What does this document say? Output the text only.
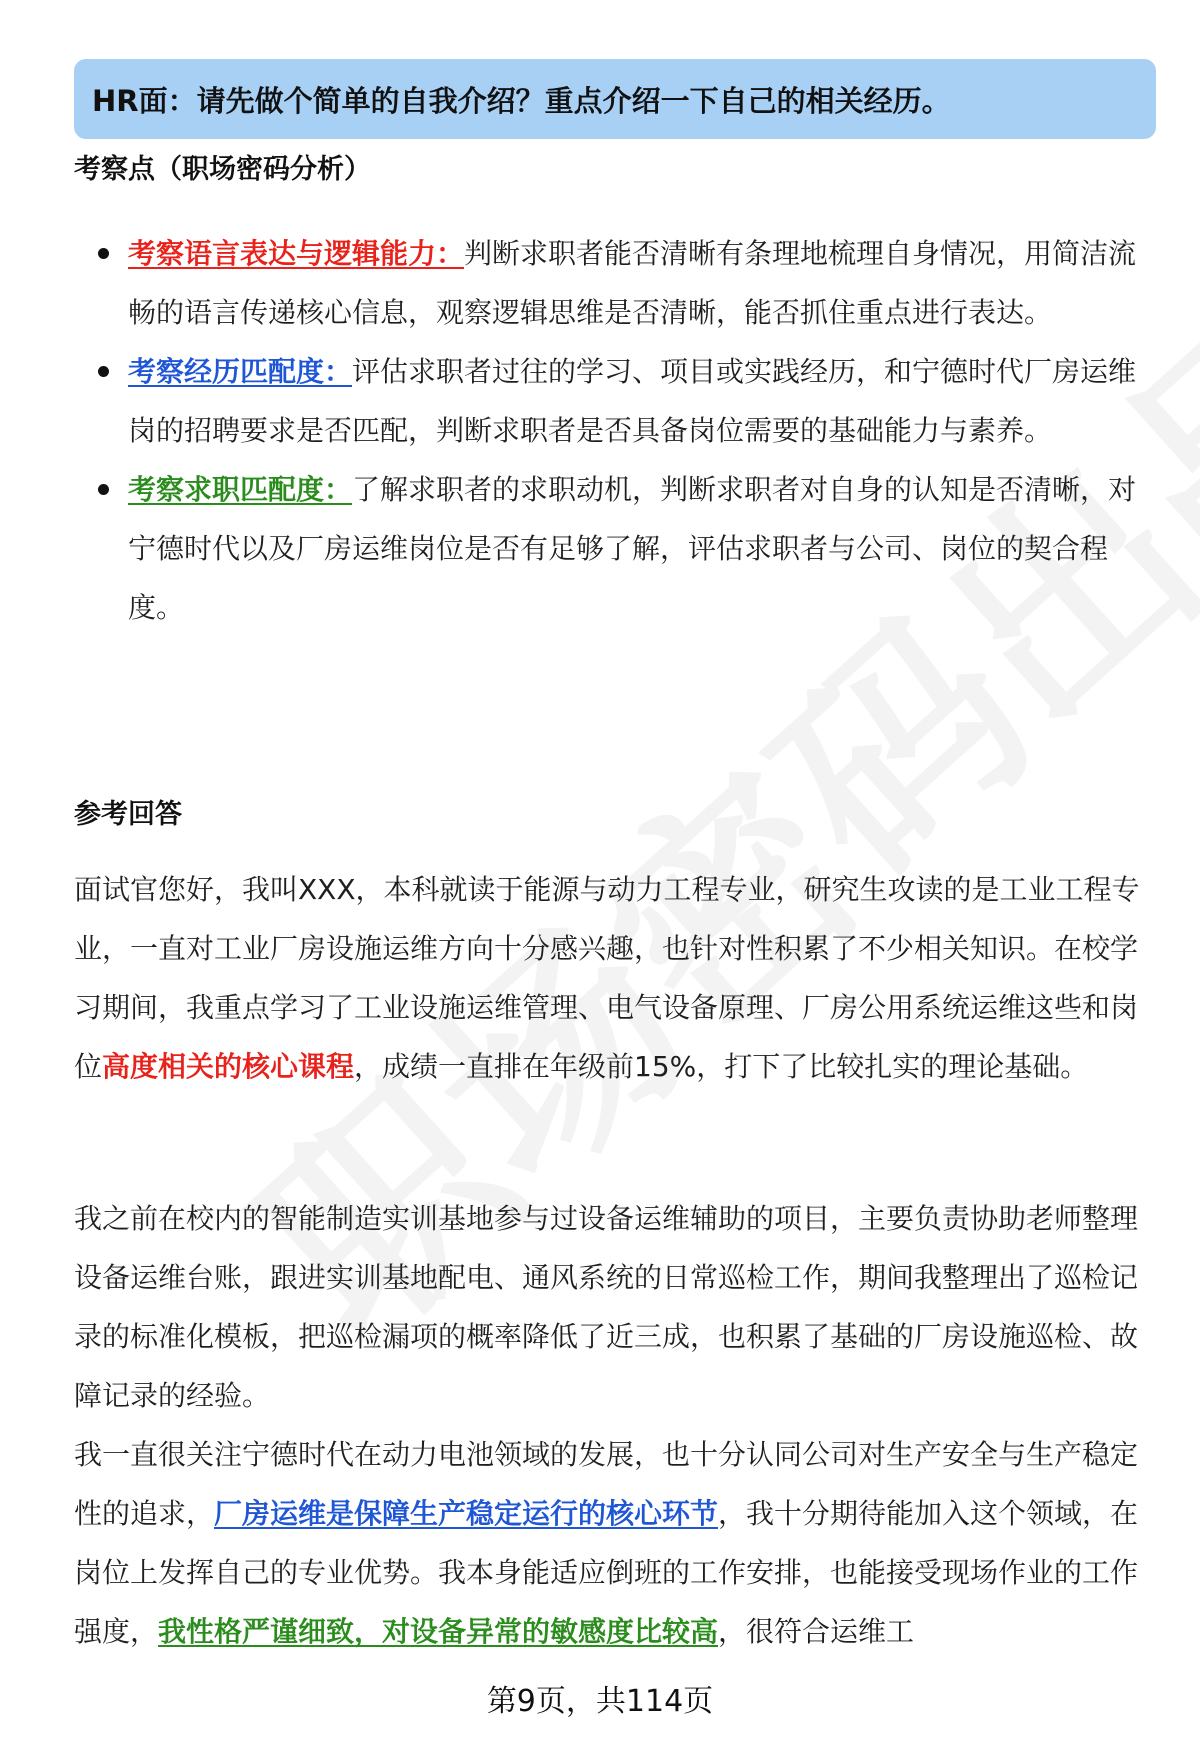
HR面：请先做个简单的自我介绍？重点介绍一下自己的相关经历。
考察点（职场密码分析）
考察语言表达与逻辑能力：判断求职者能否清晰有条理地梳理自身情况，用简洁流畅的语言传递核心信息，观察逻辑思维是否清晰，能否抓住重点进行表达。
考察经历匹配度：评估求职者过往的学习、项目或实践经历，和宁德时代厂房运维岗的招聘要求是否匹配，判断求职者是否具备岗位需要的基础能力与素养。
考察求职匹配度：了解求职者的求职动机，判断求职者对自身的认知是否清晰，对宁德时代以及厂房运维岗位是否有足够了解，评估求职者与公司、岗位的契合程度。
参考回答

面试官您好，我叫XXX，本科就读于能源与动力工程专业，研究生攻读的是工业工程专业，一直对工业厂房设施运维方向十分感兴趣，也针对性积累了不少相关知识。在校学习期间，我重点学习了工业设施运维管理、电气设备原理、厂房公用系统运维这些和岗位高度相关的核心课程，成绩一直排在年级前15%，打下了比较扎实的理论基础。

我之前在校内的智能制造实训基地参与过设备运维辅助的项目，主要负责协助老师整理设备运维台账，跟进实训基地配电、通风系统的日常巡检工作，期间我整理出了巡检记录的标准化模板，把巡检漏项的概率降低了近三成，也积累了基础的厂房设施巡检、故障记录的经验。

我一直很关注宁德时代在动力电池领域的发展，也十分认同公司对生产安全与生产稳定性的追求，厂房运维是保障生产稳定运行的核心环节，我十分期待能加入这个领域，在岗位上发挥自己的专业优势。我本身能适应倒班的工作安排，也能接受现场作业的工作强度，我性格严谨细致，对设备异常的敏感度比较高，很符合运维工

第9页，共114页
